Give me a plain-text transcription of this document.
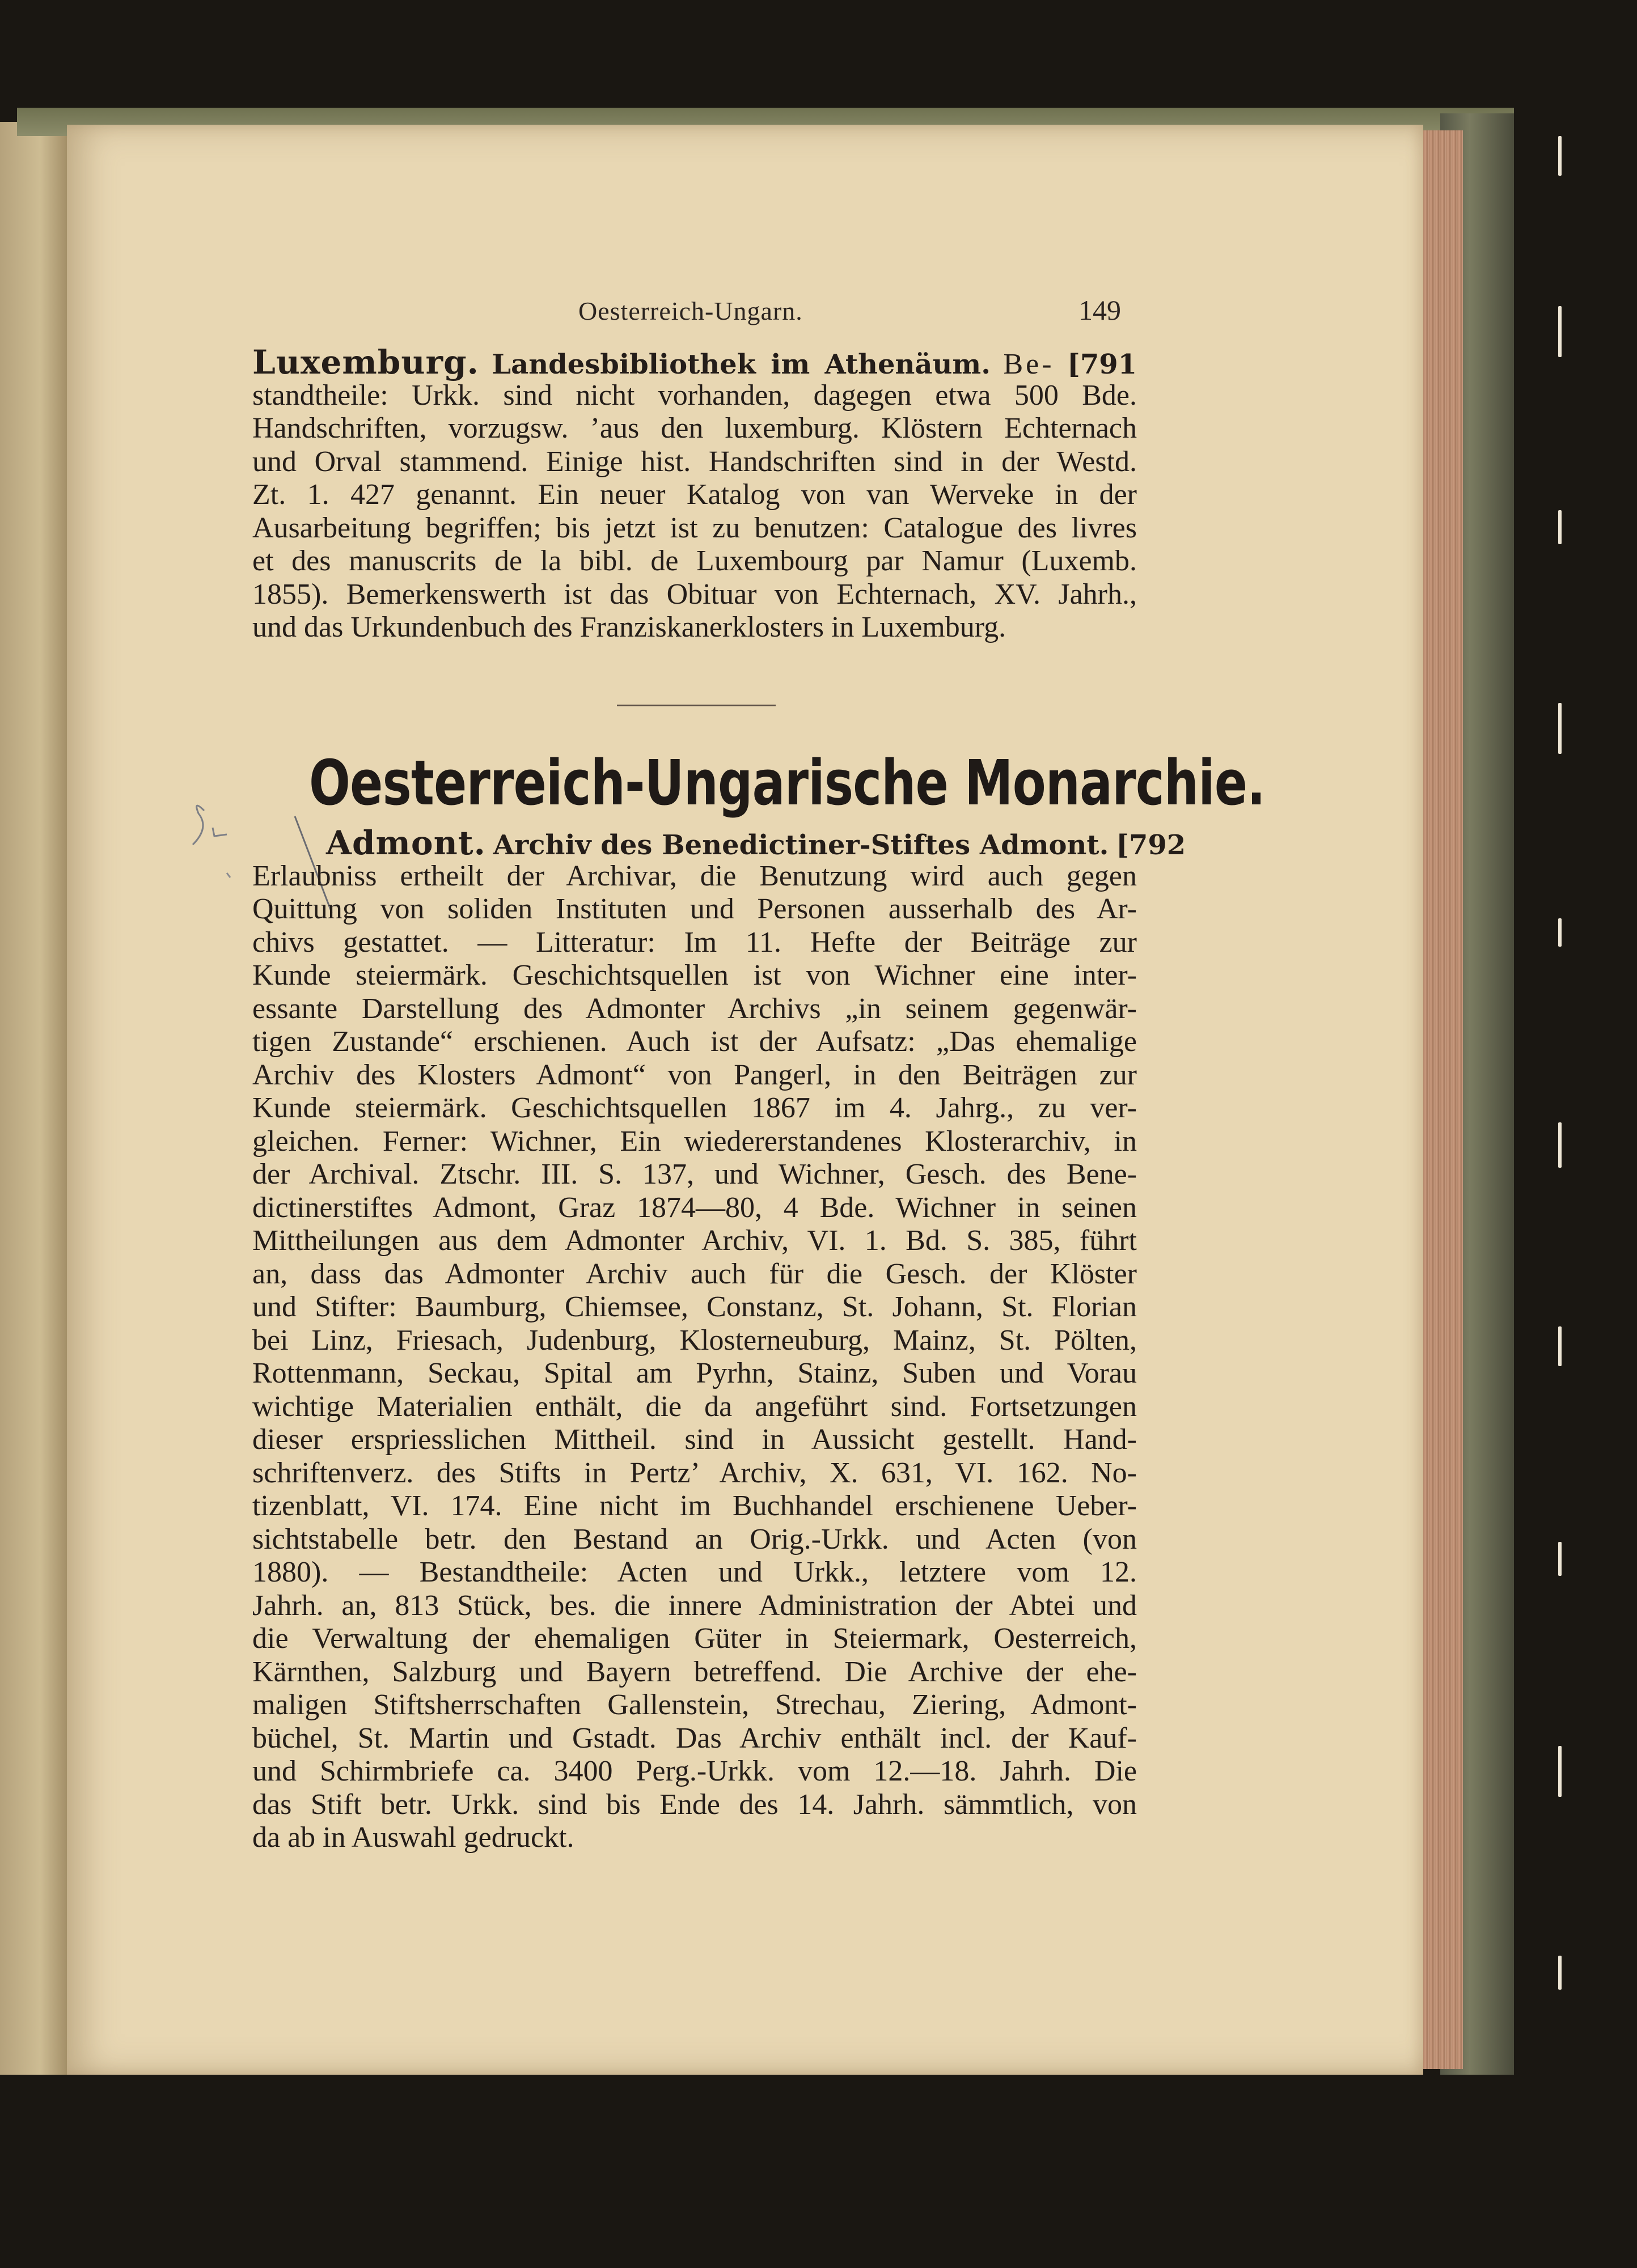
Oesterreich-Ungarn.	149
Luxemburg. Landesbibliothek im Athenäum. Be- [791
standtheile: Urkk. sind nicht vorhanden, dagegen etwa 500 Bde.
Handschriften, vorzugsw. ’aus den luxemburg. Klöstern Echternach
und Orval stammend. Einige hist. Handschriften sind in der Westd.
Zt. 1. 427 genannt. Ein neuer Katalog von van Werveke in der
Ausarbeitung begriffen; bis jetzt ist zu benutzen: Catalogue des livres
et des manuscrits de la bibl. de Luxembourg par Namur (Luxemb.
1855). Bemerkenswerth ist das Obituar von Echternach, XV. Jahrh.,
und das Urkundenbuch des Franziskanerklosters in Luxemburg.
Oesterreich-Ungarische Monarchie.
Admont. Archiv des Benedictiner-Stiftes Admont. [792
Erlaubniss ertheilt der Archivar, die Benutzung wird auch gegen
Quittung von soliden Instituten und Personen ausserhalb des Ar-
chivs gestattet. — Litteratur: Im 11. Hefte der Beiträge zur
Kunde steiermärk. Geschichtsquellen ist von Wichner eine inter-
essante Darstellung des Admonter Archivs „in seinem gegenwär-
tigen Zustande“ erschienen. Auch ist der Aufsatz: „Das ehemalige
Archiv des Klosters Admont“ von Pangerl, in den Beiträgen zur
Kunde steiermärk. Geschichtsquellen 1867 im 4. Jahrg., zu ver-
gleichen. Ferner: Wichner, Ein wiedererstandenes Klosterarchiv, in
der Archival. Ztschr. III. S. 137, und Wichner, Gesch. des Bene-
dictinerstiftes Admont, Graz 1874—80, 4 Bde. Wichner in seinen
Mittheilungen aus dem Admonter Archiv, VI. 1. Bd. S. 385, führt
an, dass das Admonter Archiv auch für die Gesch. der Klöster
und Stifter: Baumburg, Chiemsee, Constanz, St. Johann, St. Florian
bei Linz, Friesach, Judenburg, Klosterneuburg, Mainz, St. Pölten,
Rottenmann, Seckau, Spital am Pyrhn, Stainz, Suben und Vorau
wichtige Materialien enthält, die da angeführt sind. Fortsetzungen
dieser erspriesslichen Mittheil. sind in Aussicht gestellt. Hand-
schriftenverz. des Stifts in Pertz’ Archiv, X. 631, VI. 162. No-
tizenblatt, VI. 174. Eine nicht im Buchhandel erschienene Ueber-
sichtstabelle betr. den Bestand an Orig.-Urkk. und Acten (von
1880). — Bestandtheile: Acten und Urkk., letztere vom 12.
Jahrh. an, 813 Stück, bes. die innere Administration der Abtei und
die Verwaltung der ehemaligen Güter in Steiermark, Oesterreich,
Kärnthen, Salzburg und Bayern betreffend. Die Archive der ehe-
maligen Stiftsherrschaften Gallenstein, Strechau, Ziering, Admont-
büchel, St. Martin und Gstadt. Das Archiv enthält incl. der Kauf-
und Schirmbriefe ca. 3400 Perg.-Urkk. vom 12.—18. Jahrh. Die
das Stift betr. Urkk. sind bis Ende des 14. Jahrh. sämmtlich, von
da ab in Auswahl gedruckt.
